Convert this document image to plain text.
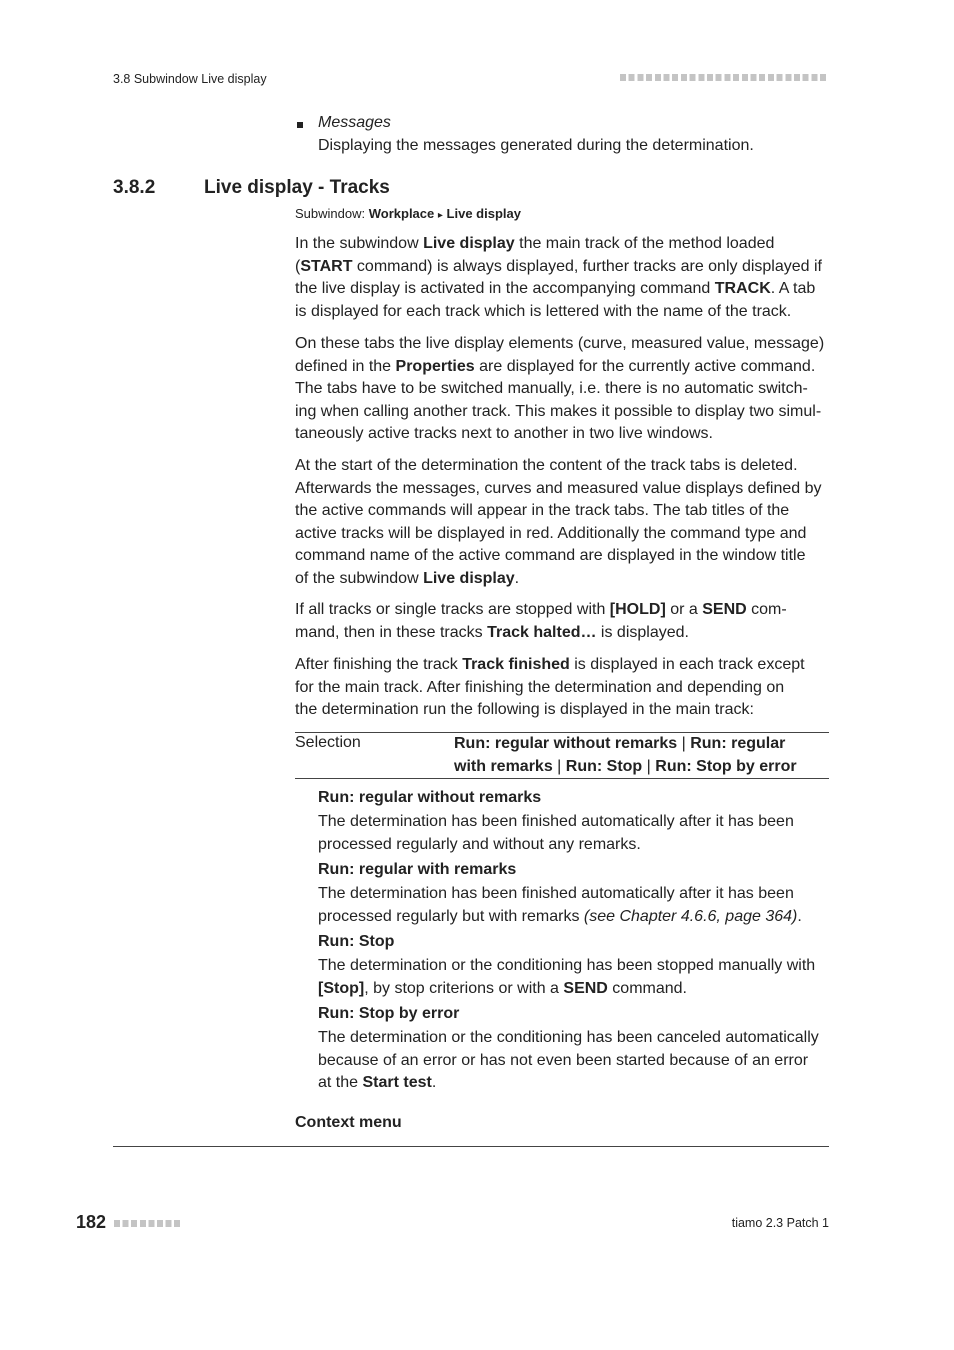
3.8 Subwindow Live display
Messages
Displaying the messages generated during the determination.
3.8.2	Live display - Tracks
Subwindow: Workplace ▸ Live display
In the subwindow Live display the main track of the method loaded
(START command) is always displayed, further tracks are only displayed if
the live display is activated in the accompanying command TRACK. A tab
is displayed for each track which is lettered with the name of the track.
On these tabs the live display elements (curve, measured value, message)
defined in the Properties are displayed for the currently active command.
The tabs have to be switched manually, i.e. there is no automatic switch-
ing when calling another track. This makes it possible to display two simul-
taneously active tracks next to another in two live windows.
At the start of the determination the content of the track tabs is deleted.
Afterwards the messages, curves and measured value displays defined by
the active commands will appear in the track tabs. The tab titles of the
active tracks will be displayed in red. Additionally the command type and
command name of the active command are displayed in the window title
of the subwindow Live display.
If all tracks or single tracks are stopped with [HOLD] or a SEND com-
mand, then in these tracks Track halted… is displayed.
After finishing the track Track finished is displayed in each track except
for the main track. After finishing the determination and depending on
the determination run the following is displayed in the main track:
Selection	Run: regular without remarks | Run: regular
with remarks | Run: Stop | Run: Stop by error
Run: regular without remarks
The determination has been finished automatically after it has been
processed regularly and without any remarks.
Run: regular with remarks
The determination has been finished automatically after it has been
processed regularly but with remarks (see Chapter 4.6.6, page 364).
Run: Stop
The determination or the conditioning has been stopped manually with
[Stop], by stop criterions or with a SEND command.
Run: Stop by error
The determination or the conditioning has been canceled automatically
because of an error or has not even been started because of an error
at the Start test.
Context menu
182	tiamo 2.3 Patch 1
